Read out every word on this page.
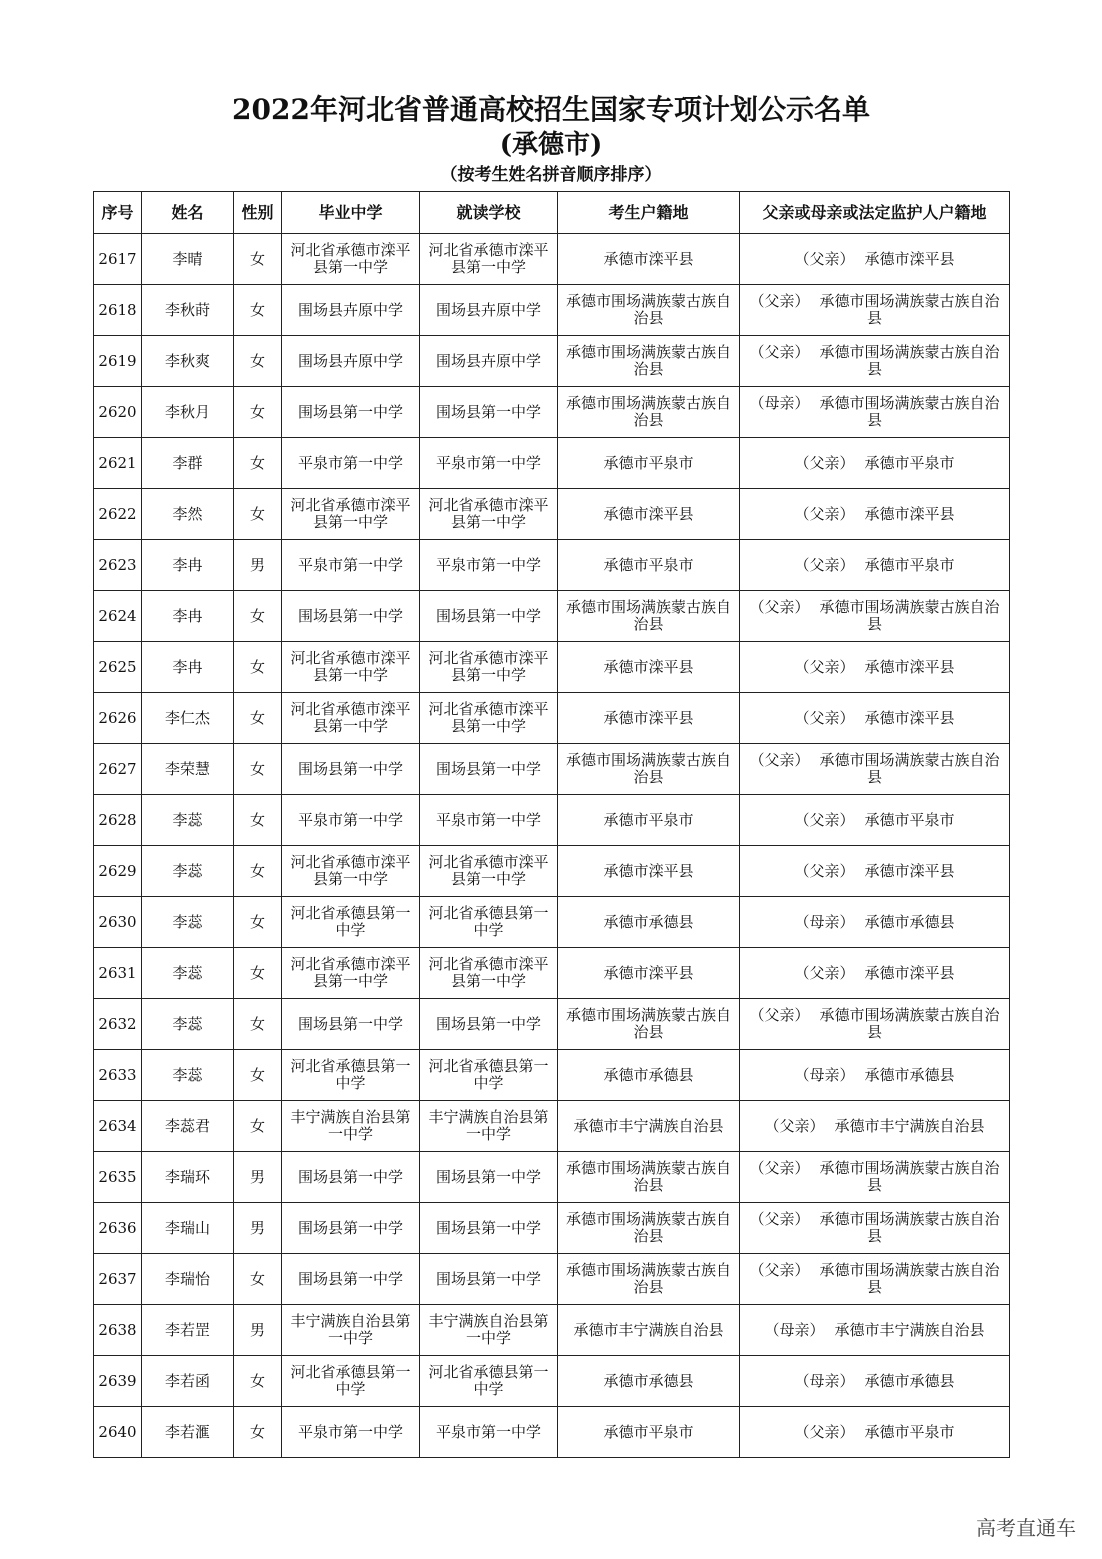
2022年河北省普通高校招生国家专项计划公示名单
(承德市)
（按考生姓名拼音顺序排序）
序号	姓名	性别	毕业中学	就读学校	考生户籍地	父亲或母亲或法定监护人户籍地
2617	李晴	女	河北省承德市滦平县第一中学	河北省承德市滦平县第一中学	承德市滦平县	（父亲） 承德市滦平县
2618	李秋莳	女	围场县卉原中学	围场县卉原中学	承德市围场满族蒙古族自治县	（父亲） 承德市围场满族蒙古族自治县
2619	李秋爽	女	围场县卉原中学	围场县卉原中学	承德市围场满族蒙古族自治县	（父亲） 承德市围场满族蒙古族自治县
2620	李秋月	女	围场县第一中学	围场县第一中学	承德市围场满族蒙古族自治县	（母亲） 承德市围场满族蒙古族自治县
2621	李群	女	平泉市第一中学	平泉市第一中学	承德市平泉市	（父亲） 承德市平泉市
2622	李然	女	河北省承德市滦平县第一中学	河北省承德市滦平县第一中学	承德市滦平县	（父亲） 承德市滦平县
2623	李冉	男	平泉市第一中学	平泉市第一中学	承德市平泉市	（父亲） 承德市平泉市
2624	李冉	女	围场县第一中学	围场县第一中学	承德市围场满族蒙古族自治县	（父亲） 承德市围场满族蒙古族自治县
2625	李冉	女	河北省承德市滦平县第一中学	河北省承德市滦平县第一中学	承德市滦平县	（父亲） 承德市滦平县
2626	李仁杰	女	河北省承德市滦平县第一中学	河北省承德市滦平县第一中学	承德市滦平县	（父亲） 承德市滦平县
2627	李荣慧	女	围场县第一中学	围场县第一中学	承德市围场满族蒙古族自治县	（父亲） 承德市围场满族蒙古族自治县
2628	李蕊	女	平泉市第一中学	平泉市第一中学	承德市平泉市	（父亲） 承德市平泉市
2629	李蕊	女	河北省承德市滦平县第一中学	河北省承德市滦平县第一中学	承德市滦平县	（父亲） 承德市滦平县
2630	李蕊	女	河北省承德县第一中学	河北省承德县第一中学	承德市承德县	（母亲） 承德市承德县
2631	李蕊	女	河北省承德市滦平县第一中学	河北省承德市滦平县第一中学	承德市滦平县	（父亲） 承德市滦平县
2632	李蕊	女	围场县第一中学	围场县第一中学	承德市围场满族蒙古族自治县	（父亲） 承德市围场满族蒙古族自治县
2633	李蕊	女	河北省承德县第一中学	河北省承德县第一中学	承德市承德县	（母亲） 承德市承德县
2634	李蕊君	女	丰宁满族自治县第一中学	丰宁满族自治县第一中学	承德市丰宁满族自治县	（父亲） 承德市丰宁满族自治县
2635	李瑞环	男	围场县第一中学	围场县第一中学	承德市围场满族蒙古族自治县	（父亲） 承德市围场满族蒙古族自治县
2636	李瑞山	男	围场县第一中学	围场县第一中学	承德市围场满族蒙古族自治县	（父亲） 承德市围场满族蒙古族自治县
2637	李瑞怡	女	围场县第一中学	围场县第一中学	承德市围场满族蒙古族自治县	（父亲） 承德市围场满族蒙古族自治县
2638	李若罡	男	丰宁满族自治县第一中学	丰宁满族自治县第一中学	承德市丰宁满族自治县	（母亲） 承德市丰宁满族自治县
2639	李若函	女	河北省承德县第一中学	河北省承德县第一中学	承德市承德县	（母亲） 承德市承德县
2640	李若滙	女	平泉市第一中学	平泉市第一中学	承德市平泉市	（父亲） 承德市平泉市
高考直通车
